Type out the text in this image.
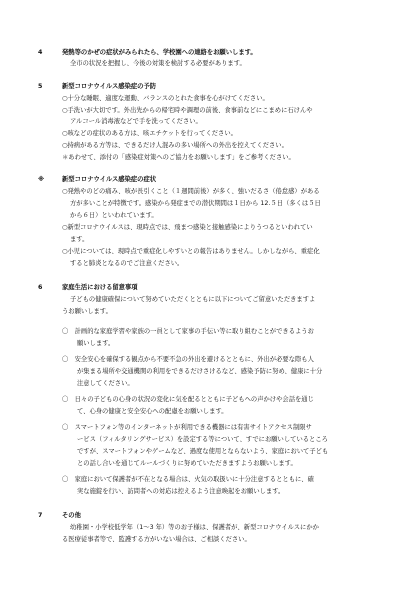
4	発熱等のかぜの症状がみられたら、学校園への連絡をお願いします。
全市の状況を把握し、今後の対策を検討する必要があります。
5	新型コロナウイルス感染症の予防
○十分な睡眠、適度な運動、バランスのとれた食事を心がけてください。
○手洗いが大切です。外出先からの帰宅時や調理の前後、食事前などにこまめに石けんや
アルコール消毒液などで手を洗ってください。
○咳などの症状のある方は、咳エチケットを行ってください。
○持病がある方等は、できるだけ人混みの多い場所への外出を控えてください。
＊あわせて、添付の「感染症対策へのご協力をお願いします」をご参考ください。
※	新型コロナウイルス感染症の症状
○発熱やのどの痛み、咳が長引くこと（１週間前後）が多く、強いだるさ（倦怠感）がある
方が多いことが特徴です。感染から発症までの潜伏期間は１日から 12.５日（多くは５日
から６日）といわれています。
○新型コロナウイルスは、現時点では、飛まつ感染と接触感染によりうつるといわれてい
ます。
○小児については、現時点で重症化しやすいとの報告はありません。しかしながら、重症化
すると肺炎となるのでご注意ください。
6	家庭生活における留意事項
子どもの健康確保について努めていただくとともに以下についてご留意いただきますよ
うお願いします。
〇　計画的な家庭学習や家族の一員として家事の手伝い等に取り組むことができるようお
願いします。
〇　安全安心を確保する観点から不要不急の外出を避けるとともに、外出が必要な際も人
が集まる場所や交通機関の利用をできるだけさけるなど、感染予防に努め、健康に十分
注意してください。
〇　日々の子どもの心身の状況の変化に気を配るとともに子どもへの声かけや会話を通じ
て、心身の健康と安全安心への配慮をお願いします。
〇　スマートフォン等のインターネットが利用できる機器には有害サイトアクセス制限サ
ービス（フィルタリングサービス）を設定する等について、すでにお願いしているところ
ですが、スマートフォンやゲームなど、過度な使用とならないよう、家庭において子ども
との話し合いを通じてルールづくりに努めていただきますようお願いします。
〇　家庭において保護者が不在となる場合は、火気の取扱いに十分注意するとともに、確
実な施錠を行い、訪問者への対応は控えるよう注意喚起をお願いします。
7	その他
幼稚園・小学校低学年（1～3 年）等のお子様は、保護者が、新型コロナウイルスにかか
る医療従事者等で、監護する方がいない場合は、ご相談ください。
